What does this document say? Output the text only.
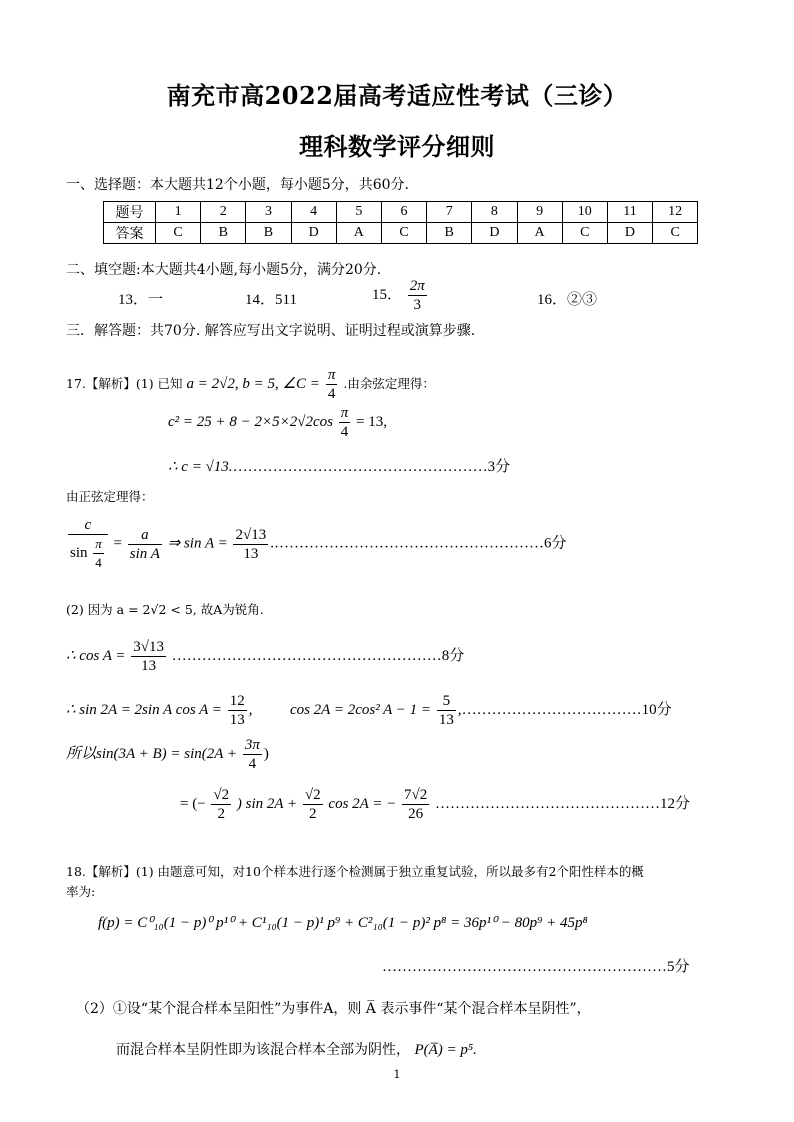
南充市高2022届高考适应性考试（三诊）
理科数学评分细则
一、选择题：本大题共12个小题，每小题5分，共60分.
题号	1	2	3	4	5	6	7	8	9	10	11	12
答案	C	B	B	D	A	C	B	D	A	C	D	C
二、填空题:本大题共4小题,每小题5分，满分20分.
13．一	14．511	15． $\frac{2\pi}{3}$	16．②③
三．解答题：共70分. 解答应写出文字说明、证明过程或演算步骤.
17.【解析】(1) 已知 a = 2√2, b = 5, ∠C = $\frac{\pi}{4}$ .由余弦定理得：
$c^2 = 25 + 8 - 2\times 5\times 2√2\cos \frac{\pi}{4} = 13$,
∴ c = √13.……………………………………………3分
由正弦定理得：
$\frac{c}{\sin \frac{\pi}{4}} = \frac{a}{\text{sin A}}$ ⇒ $\sin A = \frac{2√13}{13}$ .………………………………………………6分
(2) 因为 a = 2√2 < 5, 故A为锐角.
∴ $\cos A = \frac{3√13}{13}$ ………………………………………………8分
∴ sin 2A = 2sin A $\cos A = \frac{12}{13}$ ,	cos 2A = 2cos² $A - 1 = \frac{5}{13}$ ,………………………………10分
所以$\sin(3A + B) = \sin(2A + \frac{3\pi}{4}$ )
= (− $\frac{√2}{2}$ ) $\sin 2A + \frac{√2}{2}$ cos 2A = − $\frac{7√2}{26}$ ………………………………………12分
18.【解析】(1) 由题意可知，对10个样本进行逐个检测属于独立重复试验，所以最多有2个阳性样本的概
率为:
f(p) = C⁰₁₀(1 − p)⁰ p¹⁰ + C¹₁₀(1 − p)¹ p⁹ + C²₁₀(1 − p)² p⁸ = 36p¹⁰ − 80p⁹ + 45p⁸
…………………………………………………5分
（2）①设“某个混合样本呈阳性”为事件A，则 A̅ 表示事件“某个混合样本呈阴性”，
而混合样本呈阴性即为该混合样本全部为阴性， P(A̅) = p⁵.
1
